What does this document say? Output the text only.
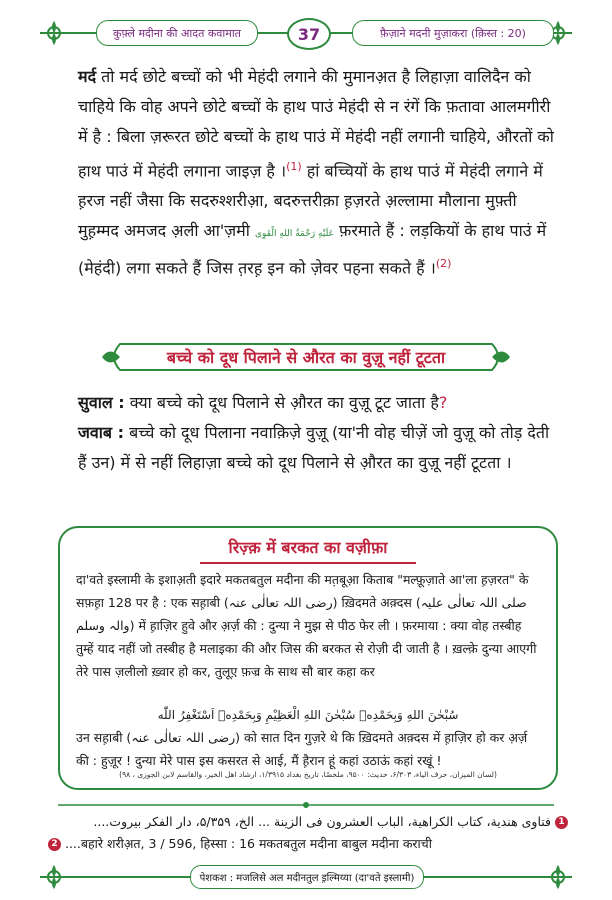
कुफ़्ले मदीना की आदत कवामात	37	फ़ैज़ाने मदनी मुज़ाकरा (क़िस्त : 20)

मर्द तो मर्द छोटे बच्चों को भी मेहंदी लगाने की मुमानअ़त है लिहाज़ा वालिदैन को चाहिये कि वोह अपने छोटे बच्चों के हाथ पाउं मेहंदी से न रंगें कि फ़तावा आलमगीरी में है : बिला ज़रूरत छोटे बच्चों के हाथ पाउं में मेहंदी नहीं लगानी चाहिये, औरतों को हाथ पाउं में मेहंदी लगाना जाइज़ है ।$^{(1)}$ हां बच्चियों के हाथ पाउं में मेहंदी लगाने में ह़रज नहीं जैसा कि सदरुश्शरीआ़, बदरुत्तरीक़ा ह़ज़रते अ़ल्लामा मौलाना मुफ़्ती मुह़म्मद अमजद अ़ली आ'ज़मी عَلَيْهِ رَحْمَةُ اللهِ الْقَوِى फ़रमाते हैं : लड़कियों के हाथ पाउं में (मेहंदी) लगा सकते हैं जिस त़रह़ इन को ज़ेवर पहना सकते हैं ।$^{(2)}$

बच्चे को दूध पिलाने से औरत का वुज़ू नहीं टूटता

सुवाल : क्या बच्चे को दूध पिलाने से औ़रत का वुज़ू टूट जाता है?
जवाब : बच्चे को दूध पिलाना नवाक़िज़े वुज़ू (या'नी वोह चीज़ें जो वुज़ू को तोड़ देती हैं उन) में से नहीं लिहाज़ा बच्चे को दूध पिलाने से औ़रत का वुज़ू नहीं टूटता ।

रिज़्क़ में बरकत का वज़ीफ़ा

दा'वते इस्लामी के इशाअ़ती इदारे मकतबतुल मदीना की मत़बूआ़ किताब "मल्फ़ूज़ाते आ'ला ह़ज़रत" के सफ़ह़ा 128 पर है : एक सह़ाबी (رضی اللہ تعالٰی عنہ) ख़िदमते अक़्दस (صلی اللہ تعالٰی علیہ والہ وسلم) में ह़ाज़िर हुवे और अ़र्ज़ की : दुन्या ने मुझ से पीठ फेर ली । फ़रमाया : क्या वोह तस्बीह तुम्हें याद नहीं जो तस्बीह है मलाइका की और जिस की बरकत से रोज़ी दी जाती है । ख़ल्क़े दुन्या आएगी तेरे पास ज़लीलो ख़्वार हो कर, तुलूए़ फ़ज्र के साथ सौ बार कहा कर

سُبْحٰنَ اللهِ وَبِحَمْدِهٖ سُبْحٰنَ اللهِ الْعَظِيْمِ وَبِحَمْدِهٖ اَسْتَغْفِرُ اللّٰه

उन सह़ाबी (رضی اللہ تعالٰی عنہ) को सात दिन गुज़रे थे कि ख़िदमते अक़्दस में ह़ाज़िर हो कर अ़र्ज़ की : हुज़ूर ! दुन्या मेरे पास इस कसरत से आई, मैं ह़ैरान हूं कहां उठाऊं कहां रखूं !

(لسان المیزان، حرف الیاء، ۶/۳۰۳، حدیث: ۹۵۰۰، ملخصًا، تاریخ بغداد ۱/۳۹۱۵، ارشاد اهل الخیر، والقاسم لابن الجوزی ، ۹۸)
....فتاوى هندية، كتاب الكراهية، الباب العشرون فى الزينة ... الخ، ۵/۳۵۹، دار الفكر بيروت 1
2 ....बहारे शरीअ़त, 3 / 596, हिस्सा : 16 मकतबतुल मदीना बाबुल मदीना कराची
पेशकश : मजलिसे अल मदीनतुल इ़ल्मिय्या (दा'वते इस्लामी)
